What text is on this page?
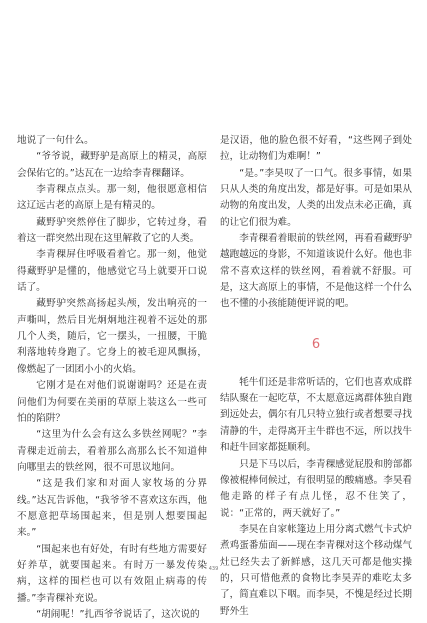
地说了一句什么。

“爷爷说，藏野驴是高原上的精灵，高原会保佑它的。”达瓦在一边给李青稞翻译。

李青稞点点头。那一刻，他很愿意相信这辽远古老的高原上是有精灵的。

藏野驴突然停住了脚步，它转过身，看着这一群突然出现在这里解救了它的人类。

李青稞屏住呼吸看着它。那一刻，他觉得藏野驴是懂的，他感觉它马上就要开口说话了。

藏野驴突然高扬起头颅，发出响亮的一声嘶叫，然后目光炯炯地注视着不远处的那几个人类，随后，它一摆头，一扭腰，干脆利落地转身跑了。它身上的被毛迎风飘扬，像燃起了一团团小小的火焰。

它刚才是在对他们说谢谢吗？还是在责问他们为何要在美丽的草原上装这么一些可怕的陷阱？

“这里为什么会有这么多铁丝网呢？”李青稞走近前去，看着那么高那么长不知道伸向哪里去的铁丝网，很不可思议地问。

“这是我们家和对面人家牧场的分界线。”达瓦告诉他，“我爷爷不喜欢这东西，他不愿意把草场围起来，但是别人想要围起来。”

“围起来也有好处，有时有些地方需要好好养草，就要围起来。有时万一暴发传染病，这样的围栏也可以有效阻止病毒的传播。”李青稞补充说。

“胡闹呢！”扎西爷爷说话了，这次说的

是汉语，他的脸色很不好看，“这些网子到处拉，让动物们为难啊！”

“是。”李昊叹了一口气。很多事情，如果只从人类的角度出发，都是好事。可是如果从动物的角度出发，人类的出发点未必正确，真的让它们很为难。

李青稞看着眼前的铁丝网，再看看藏野驴越跑越远的身影，不知道该说什么好。他也非常不喜欢这样的铁丝网，看着就不舒服。可是，这大高原上的事情，不是他这样一个什么也不懂的小孩能随便评说的吧。

6

牦牛们还是非常听话的，它们也喜欢成群结队聚在一起吃草，不太愿意远离群体独自跑到远处去，偶尔有几只特立独行或者想要寻找清静的牛，走得离开主牛群也不远，所以找牛和赶牛回家都挺顺利。

只是下马以后，李青稞感觉屁股和胯部都像被棍棒伺候过，有很明显的酸痛感。李昊看他走路的样子有点儿怪，忍不住笑了，说：“正常的，两天就好了。”

李昊在自家帐篷边上用分离式燃气卡式炉煮鸡蛋番茄面——现在李青稞对这个移动煤气灶已经失去了新鲜感，这几天可都是他实操的，只可惜他煮的食物比李昊弄的难吃太多了，简直难以下咽。而李昊，不愧是经过长期野外生

439
